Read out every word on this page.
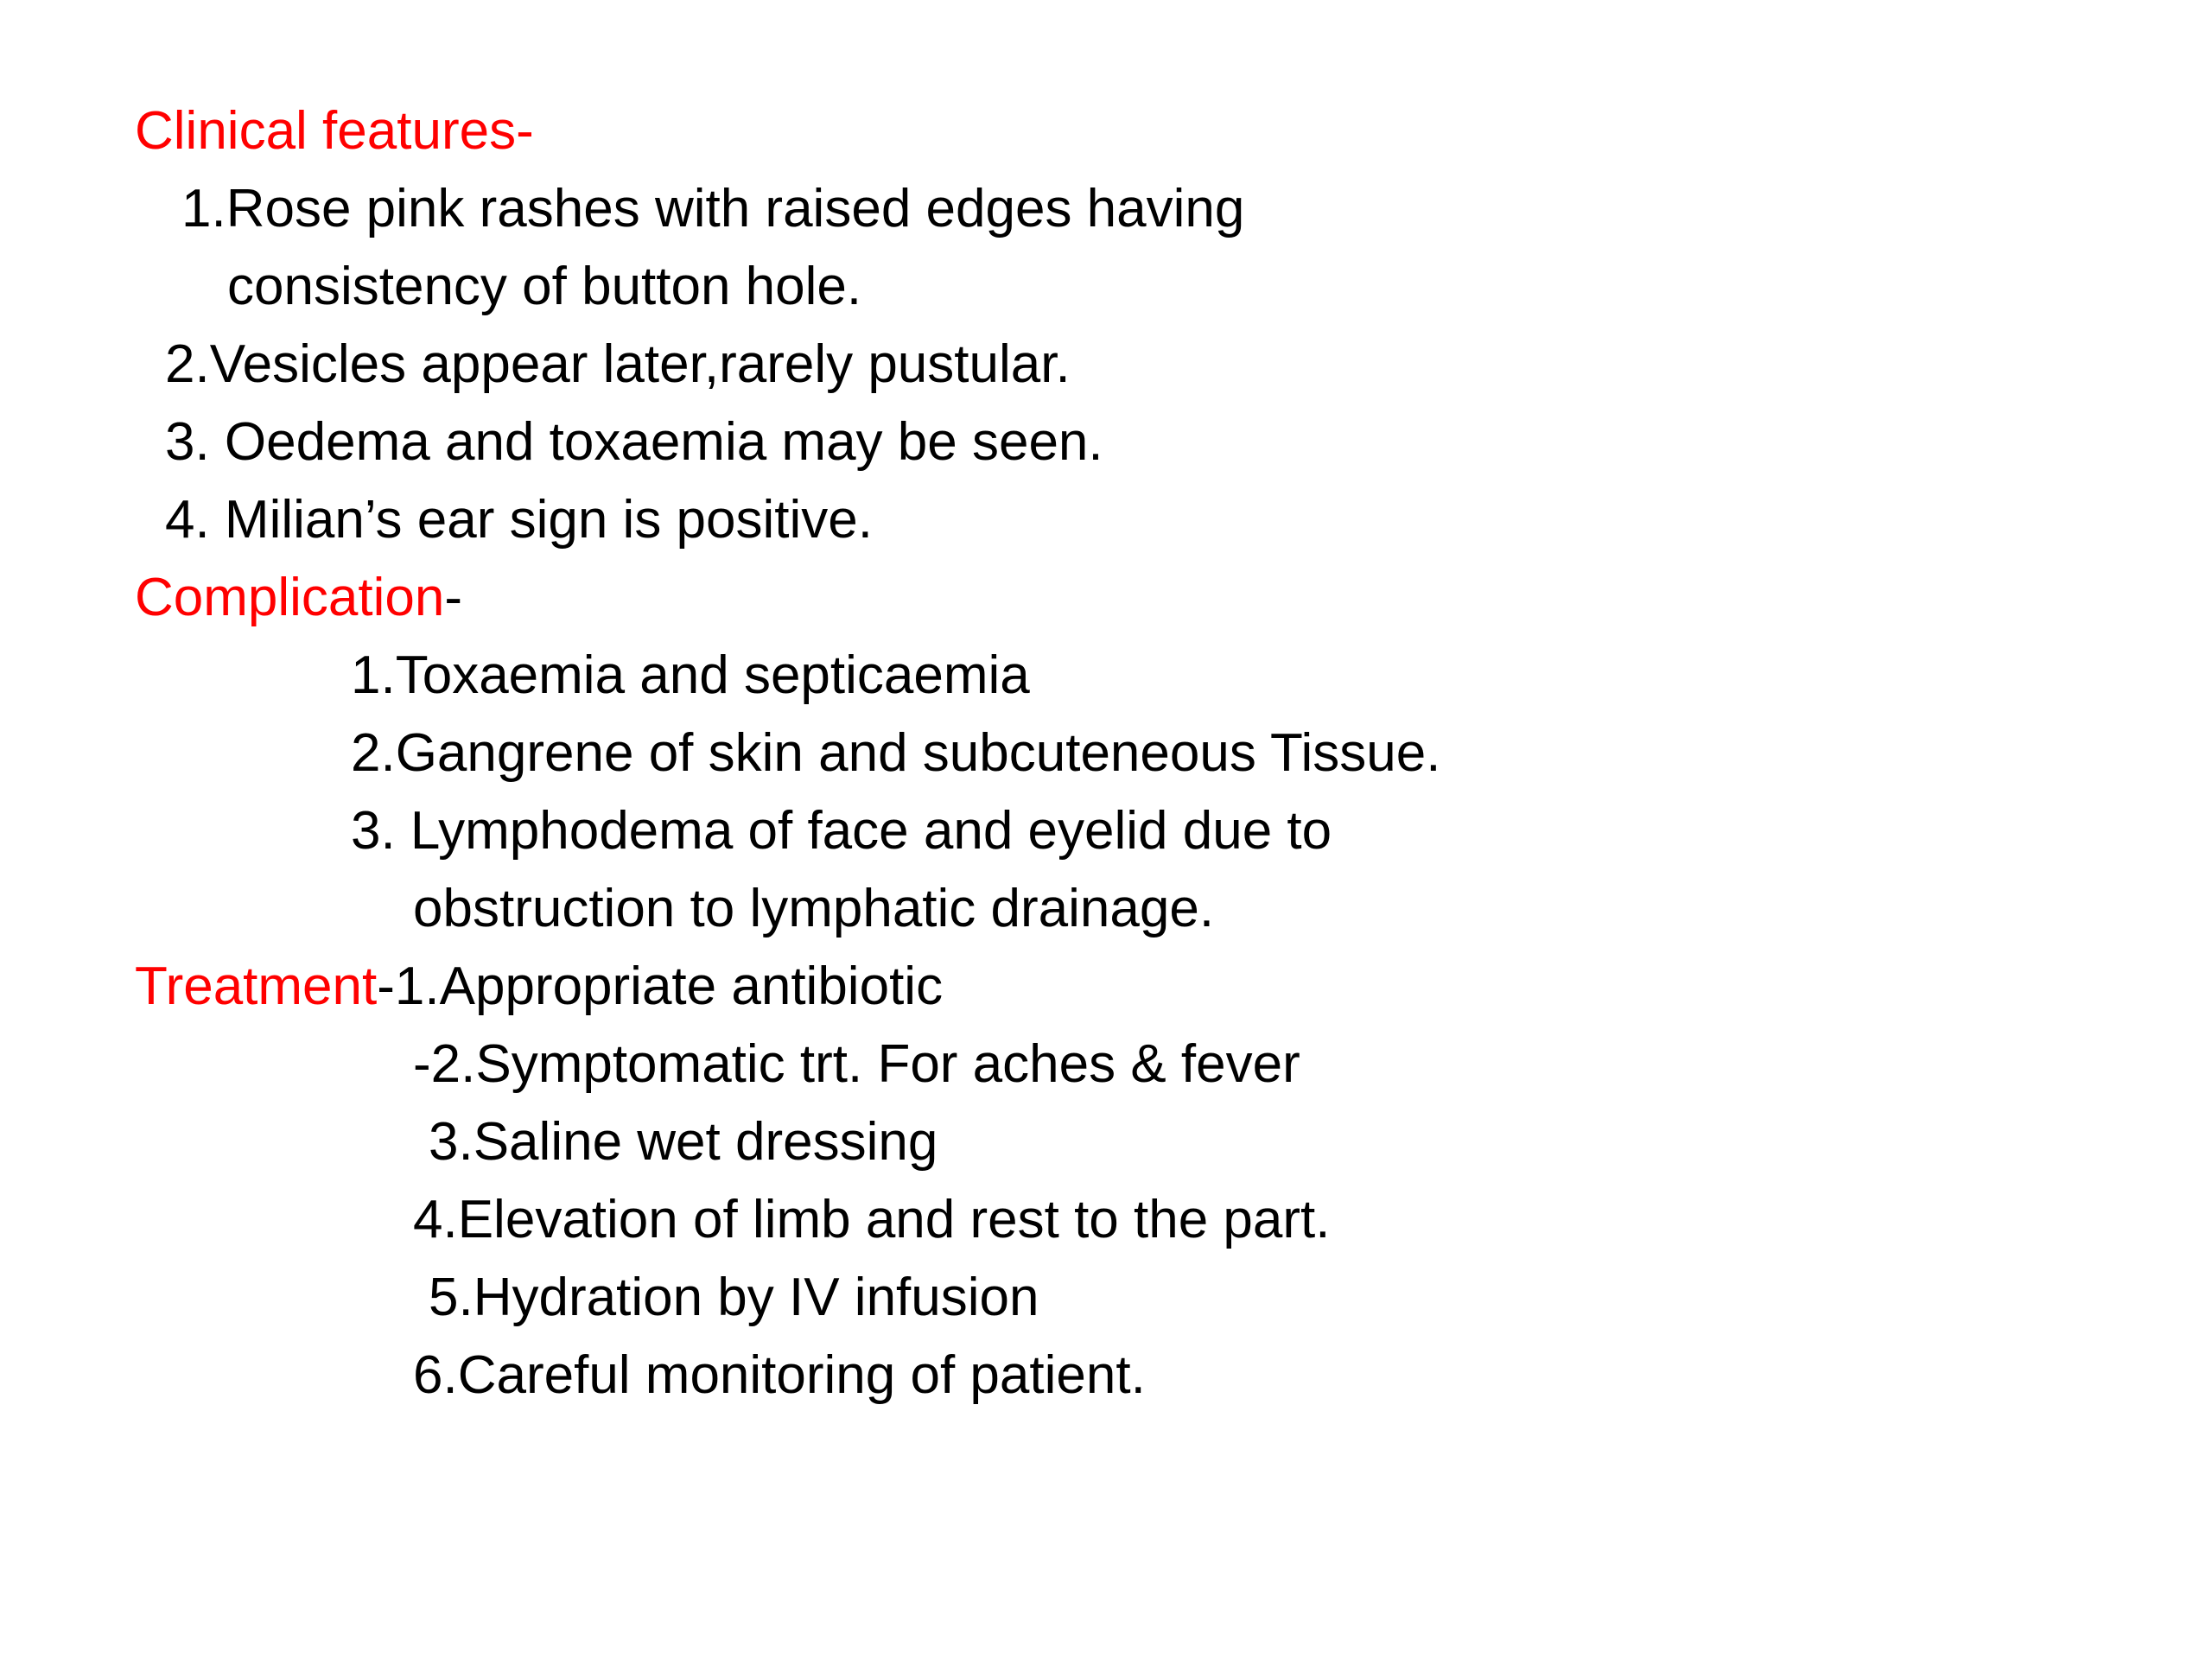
Clinical features-
1.Rose pink rashes with raised edges having
consistency of button hole.
2.Vesicles appear later,rarely pustular.
3. Oedema and toxaemia may be seen.
4. Milian’s ear sign is positive.
Complication-
1.Toxaemia and septicaemia
2.Gangrene of skin and subcuteneous Tissue.
3. Lymphodema of face and eyelid due to
obstruction to lymphatic drainage.
Treatment-1.Appropriate antibiotic
-2.Symptomatic trt. For aches & fever
3.Saline wet dressing
4.Elevation of limb and rest to the part.
5.Hydration by IV infusion
6.Careful monitoring of patient.
